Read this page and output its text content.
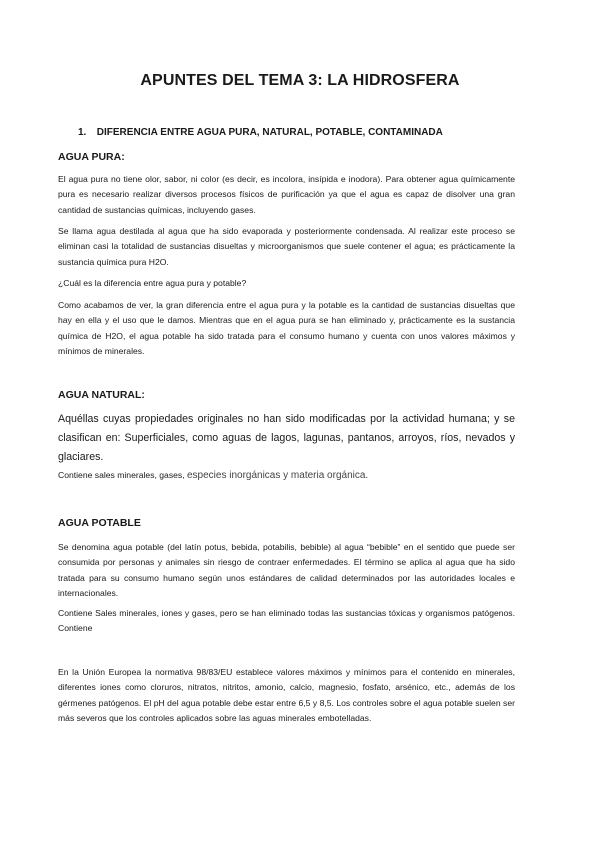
APUNTES DEL TEMA 3: LA HIDROSFERA
1. DIFERENCIA ENTRE AGUA PURA, NATURAL, POTABLE, CONTAMINADA
AGUA PURA:
El agua pura no tiene olor, sabor, ni color (es decir, es incolora, insípida e inodora). Para obtener agua químicamente pura es necesario realizar diversos procesos físicos de purificación ya que el agua es capaz de disolver una gran cantidad de sustancias químicas, incluyendo gases.
Se llama agua destilada al agua que ha sido evaporada y posteriormente condensada. Al realizar este proceso se eliminan casi la totalidad de sustancias disueltas y microorganismos que suele contener el agua; es prácticamente la sustancia química pura H2O.
¿Cuál es la diferencia entre agua pura y potable?
Como acabamos de ver, la gran diferencia entre el agua pura y la potable es la cantidad de sustancias disueltas que hay en ella y el uso que le damos. Mientras que en el agua pura se han eliminado y, prácticamente es la sustancia química de H2O, el agua potable ha sido tratada para el consumo humano y cuenta con unos valores máximos y mínimos de minerales.
AGUA NATURAL:
Aquéllas cuyas propiedades originales no han sido modificadas por la actividad humana; y se clasifican en: Superficiales, como aguas de lagos, lagunas, pantanos, arroyos, ríos, nevados y glaciares.
Contiene sales minerales, gases, especies inorgánicas y materia orgánica.
AGUA POTABLE
Se denomina agua potable (del latín potus, bebida, potabilis, bebible) al agua “bebible” en el sentido que puede ser consumida por personas y animales sin riesgo de contraer enfermedades. El término se aplica al agua que ha sido tratada para su consumo humano según unos estándares de calidad determinados por las autoridades locales e internacionales.
Contiene Sales minerales, iones y gases, pero se han eliminado todas las sustancias tóxicas y organismos patógenos. Contiene
En la Unión Europea la normativa 98/83/EU establece valores máximos y mínimos para el contenido en minerales, diferentes iones como cloruros, nitratos, nitritos, amonio, calcio, magnesio, fosfato, arsénico, etc., además de los gérmenes patógenos. El pH del agua potable debe estar entre 6,5 y 8,5. Los controles sobre el agua potable suelen ser más severos que los controles aplicados sobre las aguas minerales embotelladas.
